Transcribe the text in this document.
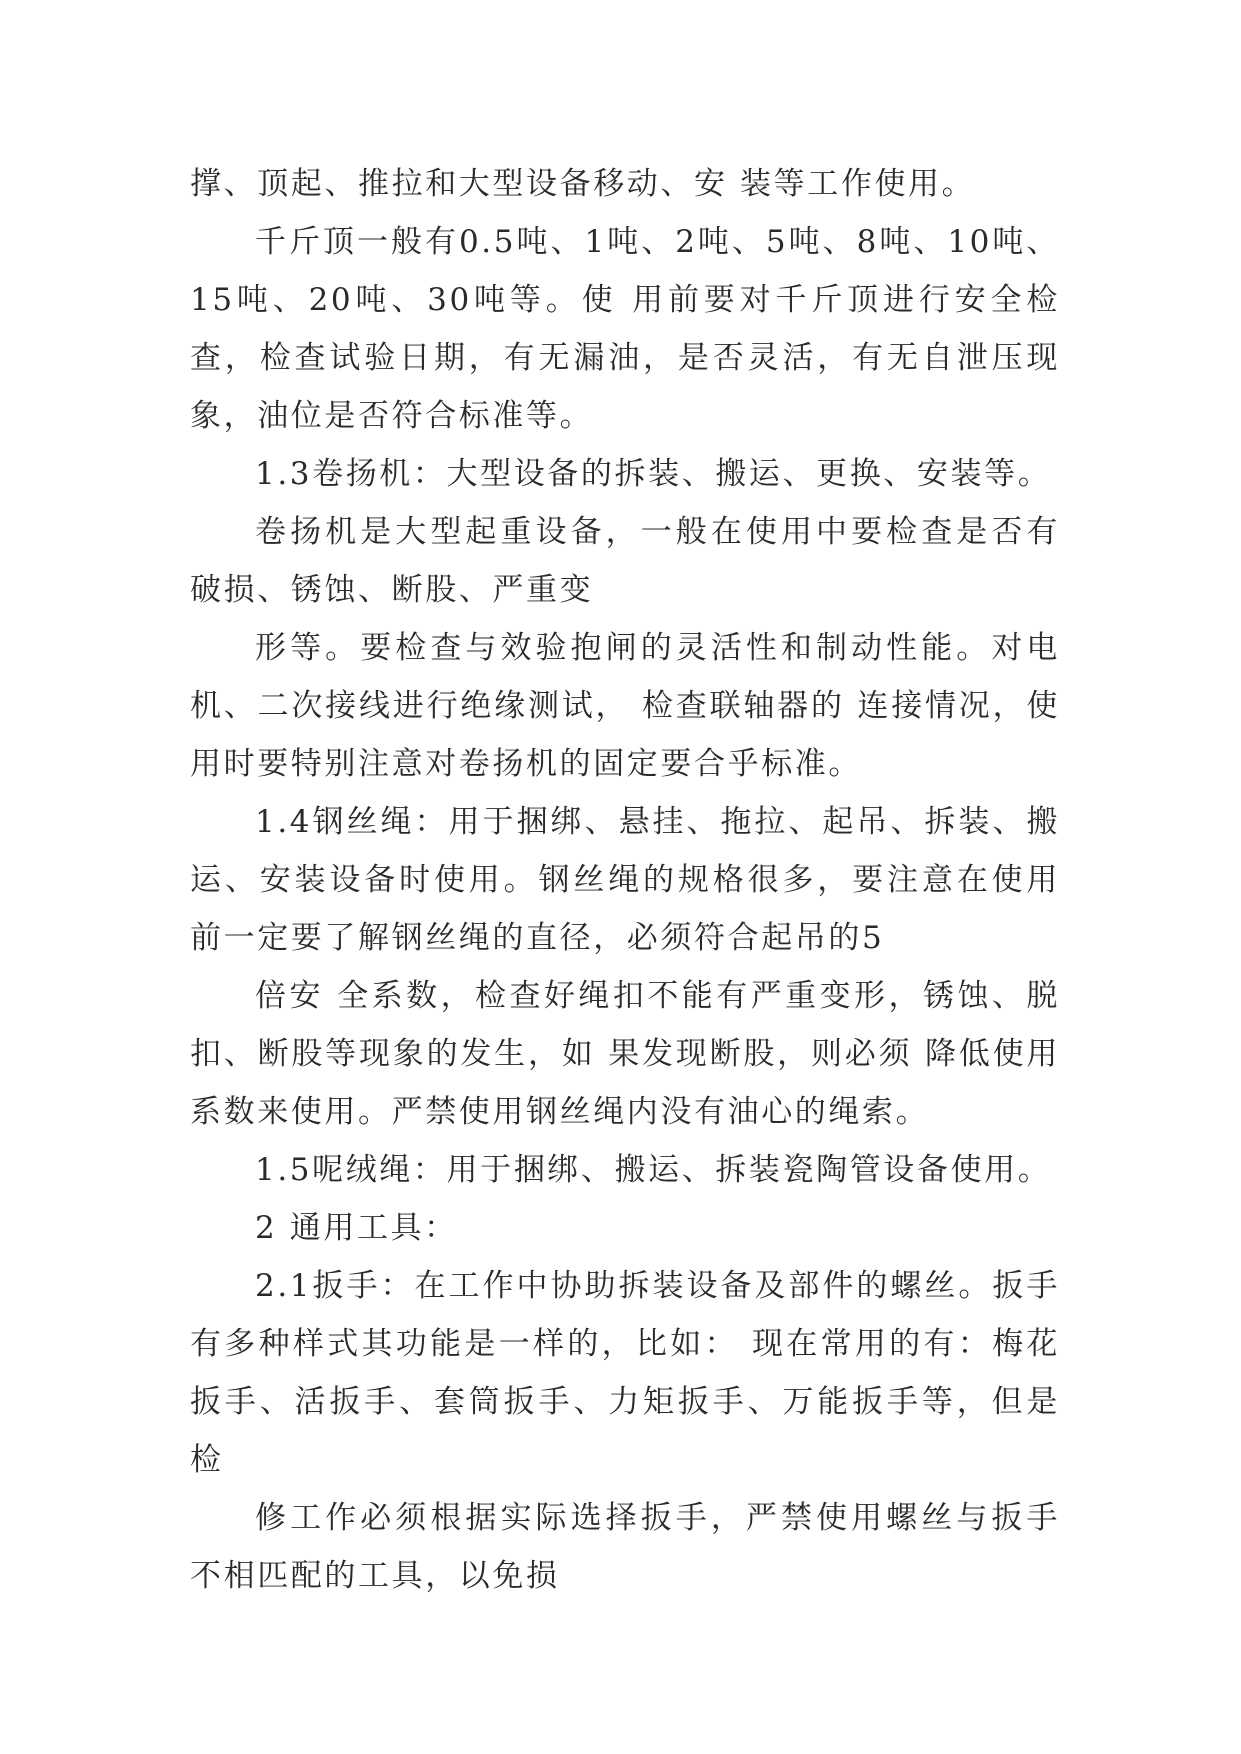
撑、顶起、推拉和大型设备移动、安 装等工作使用。

千斤顶一般有0.5吨、1吨、2吨、5吨、8吨、10吨、15吨、20吨、30吨等。使 用前要对千斤顶进行安全检查，检查试验日期，有无漏油，是否灵活，有无自泄压现 象，油位是否符合标准等。

1.3卷扬机：大型设备的拆装、搬运、更换、安装等。

卷扬机是大型起重设备，一般在使用中要检查是否有破损、锈蚀、断股、严重变

形等。要检查与效验抱闸的灵活性和制动性能。对电机、二次接线进行绝缘测试， 检查联轴器的 连接情况，使用时要特别注意对卷扬机的固定要合乎标准。

1.4钢丝绳：用于捆绑、悬挂、拖拉、起吊、拆装、搬运、安装设备时使用。钢丝绳的规格很多，要注意在使用前一定要了解钢丝绳的直径，必须符合起吊的5

倍安 全系数，检查好绳扣不能有严重变形，锈蚀、脱扣、断股等现象的发生，如 果发现断股，则必须 降低使用系数来使用。严禁使用钢丝绳内没有油心的绳索。

1.5呢绒绳：用于捆绑、搬运、拆装瓷陶管设备使用。

2 通用工具：

2.1扳手：在工作中协助拆装设备及部件的螺丝。扳手有多种样式其功能是一样的，比如： 现在常用的有：梅花扳手、活扳手、套筒扳手、力矩扳手、万能扳手等，但是检

修工作必须根据实际选择扳手，严禁使用螺丝与扳手不相匹配的工具，以免损
